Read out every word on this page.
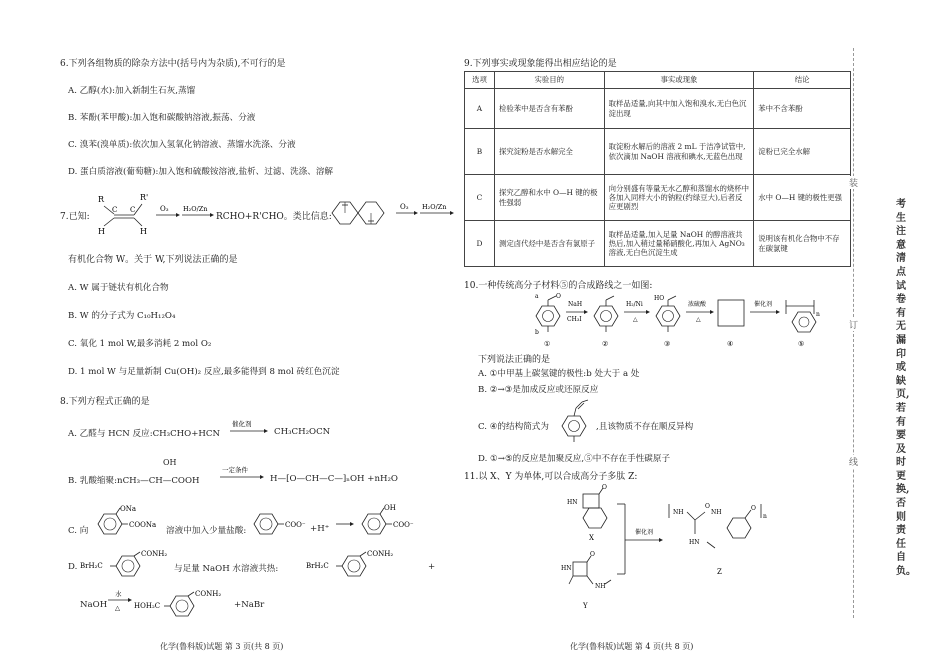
6.下列各组物质的除杂方法中(括号内为杂质),不可行的是
A. 乙醇(水):加入新制生石灰,蒸馏
B. 苯酚(苯甲酸):加入饱和碳酸钠溶液,振荡、分液
C. 溴苯(溴单质):依次加入氢氧化钠溶液、蒸馏水洗涤、分液
D. 蛋白质溶液(葡萄糖):加入饱和硫酸铵溶液,盐析、过滤、洗涤、溶解
7.已知:
R	R'
H	H
C C	O₃ H₂O/Zn
RCHO+R'CHO。类比信息:
O₃ H₂O/Zn
有机化合物 W。关于 W,下列说法正确的是
A. W 属于链状有机化合物
B. W 的分子式为 C₁₀H₁₂O₄
C. 氧化 1 mol W,最多消耗 2 mol O₂
D. 1 mol W 与足量新制 Cu(OH)₂ 反应,最多能得到 8 mol 砖红色沉淀
8.下列方程式正确的是
A. 乙醛与 HCN 反应:CH₃CHO+HCN
催化剂
CH₃CH₂OCN
OH
B. 乳酸缩聚:nCH₃—CH—COOH
一定条件
H—[O—CH—C—]ₙOH +nH₂O
C. 向
ONa
COONa
溶液中加入少量盐酸:
COO⁻ +H⁺
OH
COO⁻
D. BrH₂C
CONH₂
与足量 NaOH 水溶液共热:	BrH₂C
CONH₂
+
NaOH
水
△ HOH₂C
CONH₂
+NaBr
化学(鲁科版)试题 第 3 页(共 8 页)
9.下列事实或现象能得出相应结论的是
选项	实验目的	事实或现象	结论
A	检验苯中是否含有苯酚	取样品适量,向其中加入饱和溴水,无白色沉淀出现	苯中不含苯酚
B	探究淀粉是否水解完全	取淀粉水解后的溶液 2 mL 于洁净试管中,依次滴加 NaOH 溶液和碘水,无蓝色出现	淀粉已完全水解
C	探究乙醇和水中 O—H 键的极性强弱	向分别盛有等量无水乙醇和蒸馏水的烧杯中各加入同样大小的钠粒(约绿豆大),后者反应更剧烈	水中 O—H 键的极性更强
D	测定卤代烃中是否含有氯原子	取样品适量,加入足量 NaOH 的醇溶液共热后,加入稍过量稀硝酸化,再加入 AgNO₃ 溶液,无白色沉淀生成	说明该有机化合物中不存在碳氯键
10.一种传统高分子材料⑤的合成路线之一如图:
O
a
b
①
NaH
CH₃I
②
H₂/Ni
△
HO
③
浓硫酸
△
④
催化剂
n
⑤
下列说法正确的是
A. ①中甲基上碳氢键的极性:b 处大于 a 处
B. ②→③是加成反应或还原反应
C. ④的结构简式为	,且该物质不存在顺反异构
D. ①→⑤的反应是加聚反应,⑤中不存在手性碳原子
11.以 X、Y 为单体,可以合成高分子多肽 Z:
O
HN
X
HN
O
NH
Y
催化剂
NH
O
HN
NH
O
n
Z
化学(鲁科版)试题 第 4 页(共 8 页)
装
订
线
考生注意清点试卷有无漏印或缺页,若有要及时更换,否则责任自负。
